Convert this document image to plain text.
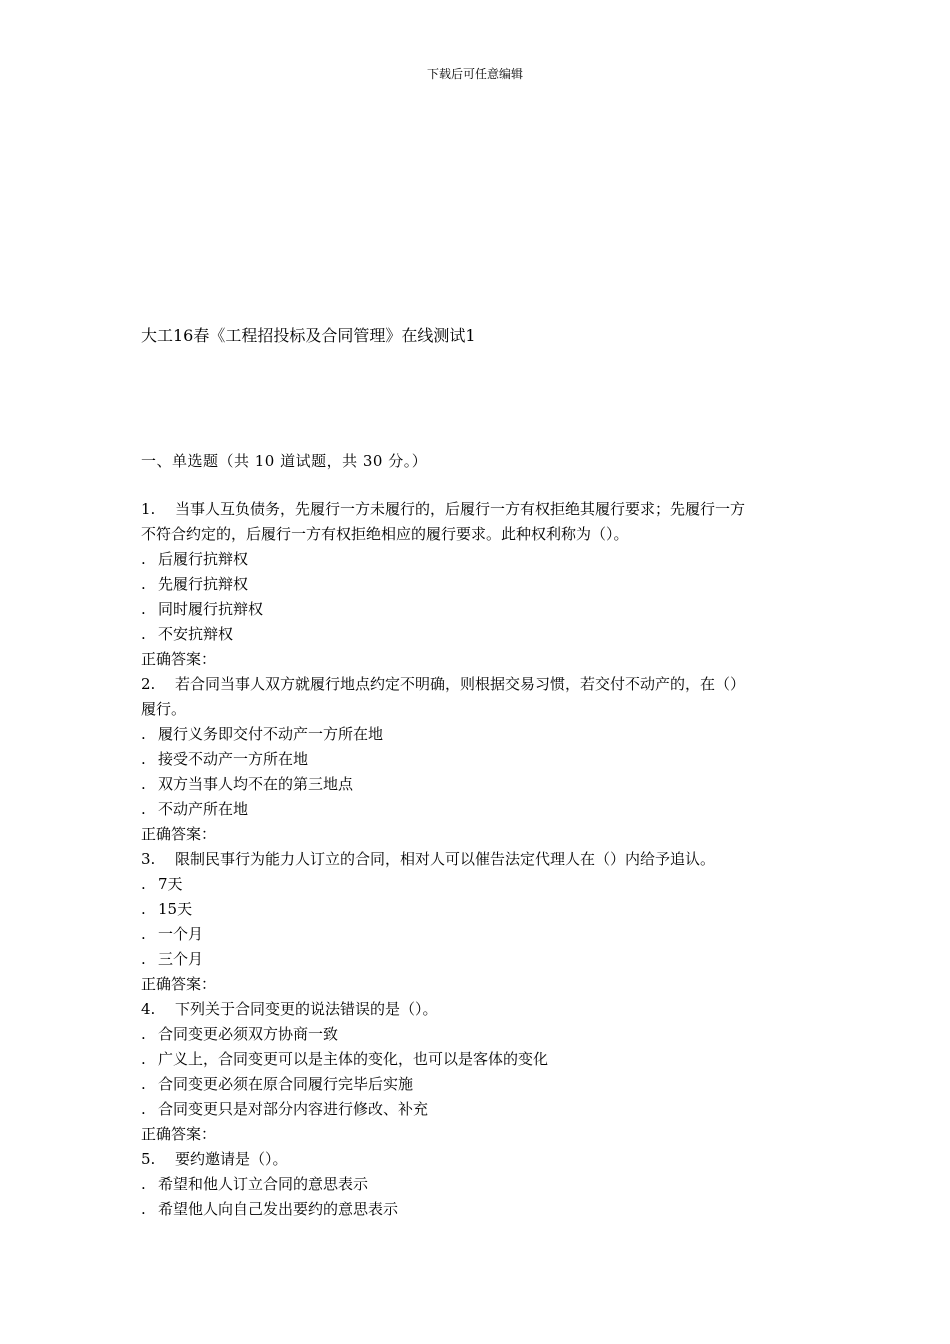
下载后可任意编辑
大工16春《工程招投标及合同管理》在线测试1
一、单选题（共 10 道试题，共 30 分。）
1.	当事人互负债务，先履行一方未履行的，后履行一方有权拒绝其履行要求；先履行一方
不符合约定的，后履行一方有权拒绝相应的履行要求。此种权利称为（）。
. 后履行抗辩权
. 先履行抗辩权
. 同时履行抗辩权
. 不安抗辩权
正确答案：
2.	若合同当事人双方就履行地点约定不明确，则根据交易习惯，若交付不动产的，在（）
履行。
. 履行义务即交付不动产一方所在地
. 接受不动产一方所在地
. 双方当事人均不在的第三地点
. 不动产所在地
正确答案：
3.	限制民事行为能力人订立的合同，相对人可以催告法定代理人在（）内给予追认。
. 7天
. 15天
. 一个月
. 三个月
正确答案：
4.	下列关于合同变更的说法错误的是（）。
. 合同变更必须双方协商一致
. 广义上，合同变更可以是主体的变化，也可以是客体的变化
. 合同变更必须在原合同履行完毕后实施
. 合同变更只是对部分内容进行修改、补充
正确答案：
5.	要约邀请是（）。
. 希望和他人订立合同的意思表示
. 希望他人向自己发出要约的意思表示
